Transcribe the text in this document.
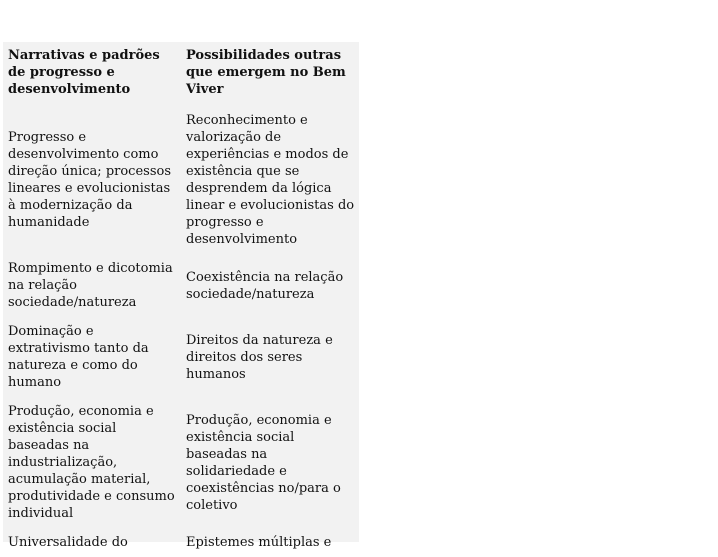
Narrativas e padrões de progresso e desenvolvimento	Possibilidades outras que emergem no Bem Viver
Progresso e desenvolvimento como direção única; processos lineares e evolucionistas à modernização da humanidade	Reconhecimento e valorização de experiências e modos de existência que se desprendem da lógica linear e evolucionistas do progresso e desenvolvimento
Rompimento e dicotomia na relação sociedade/natureza	Coexistência na relação sociedade/natureza
Dominação e extrativismo tanto da natureza e como do humano	Direitos da natureza e direitos dos seres humanos
Produção, economia e existência social baseadas na industrialização, acumulação material, produtividade e consumo individual	Produção, economia e existência social baseadas na solidariedade e coexistências no/para o coletivo
Universalidade do	Epistemes múltiplas e
